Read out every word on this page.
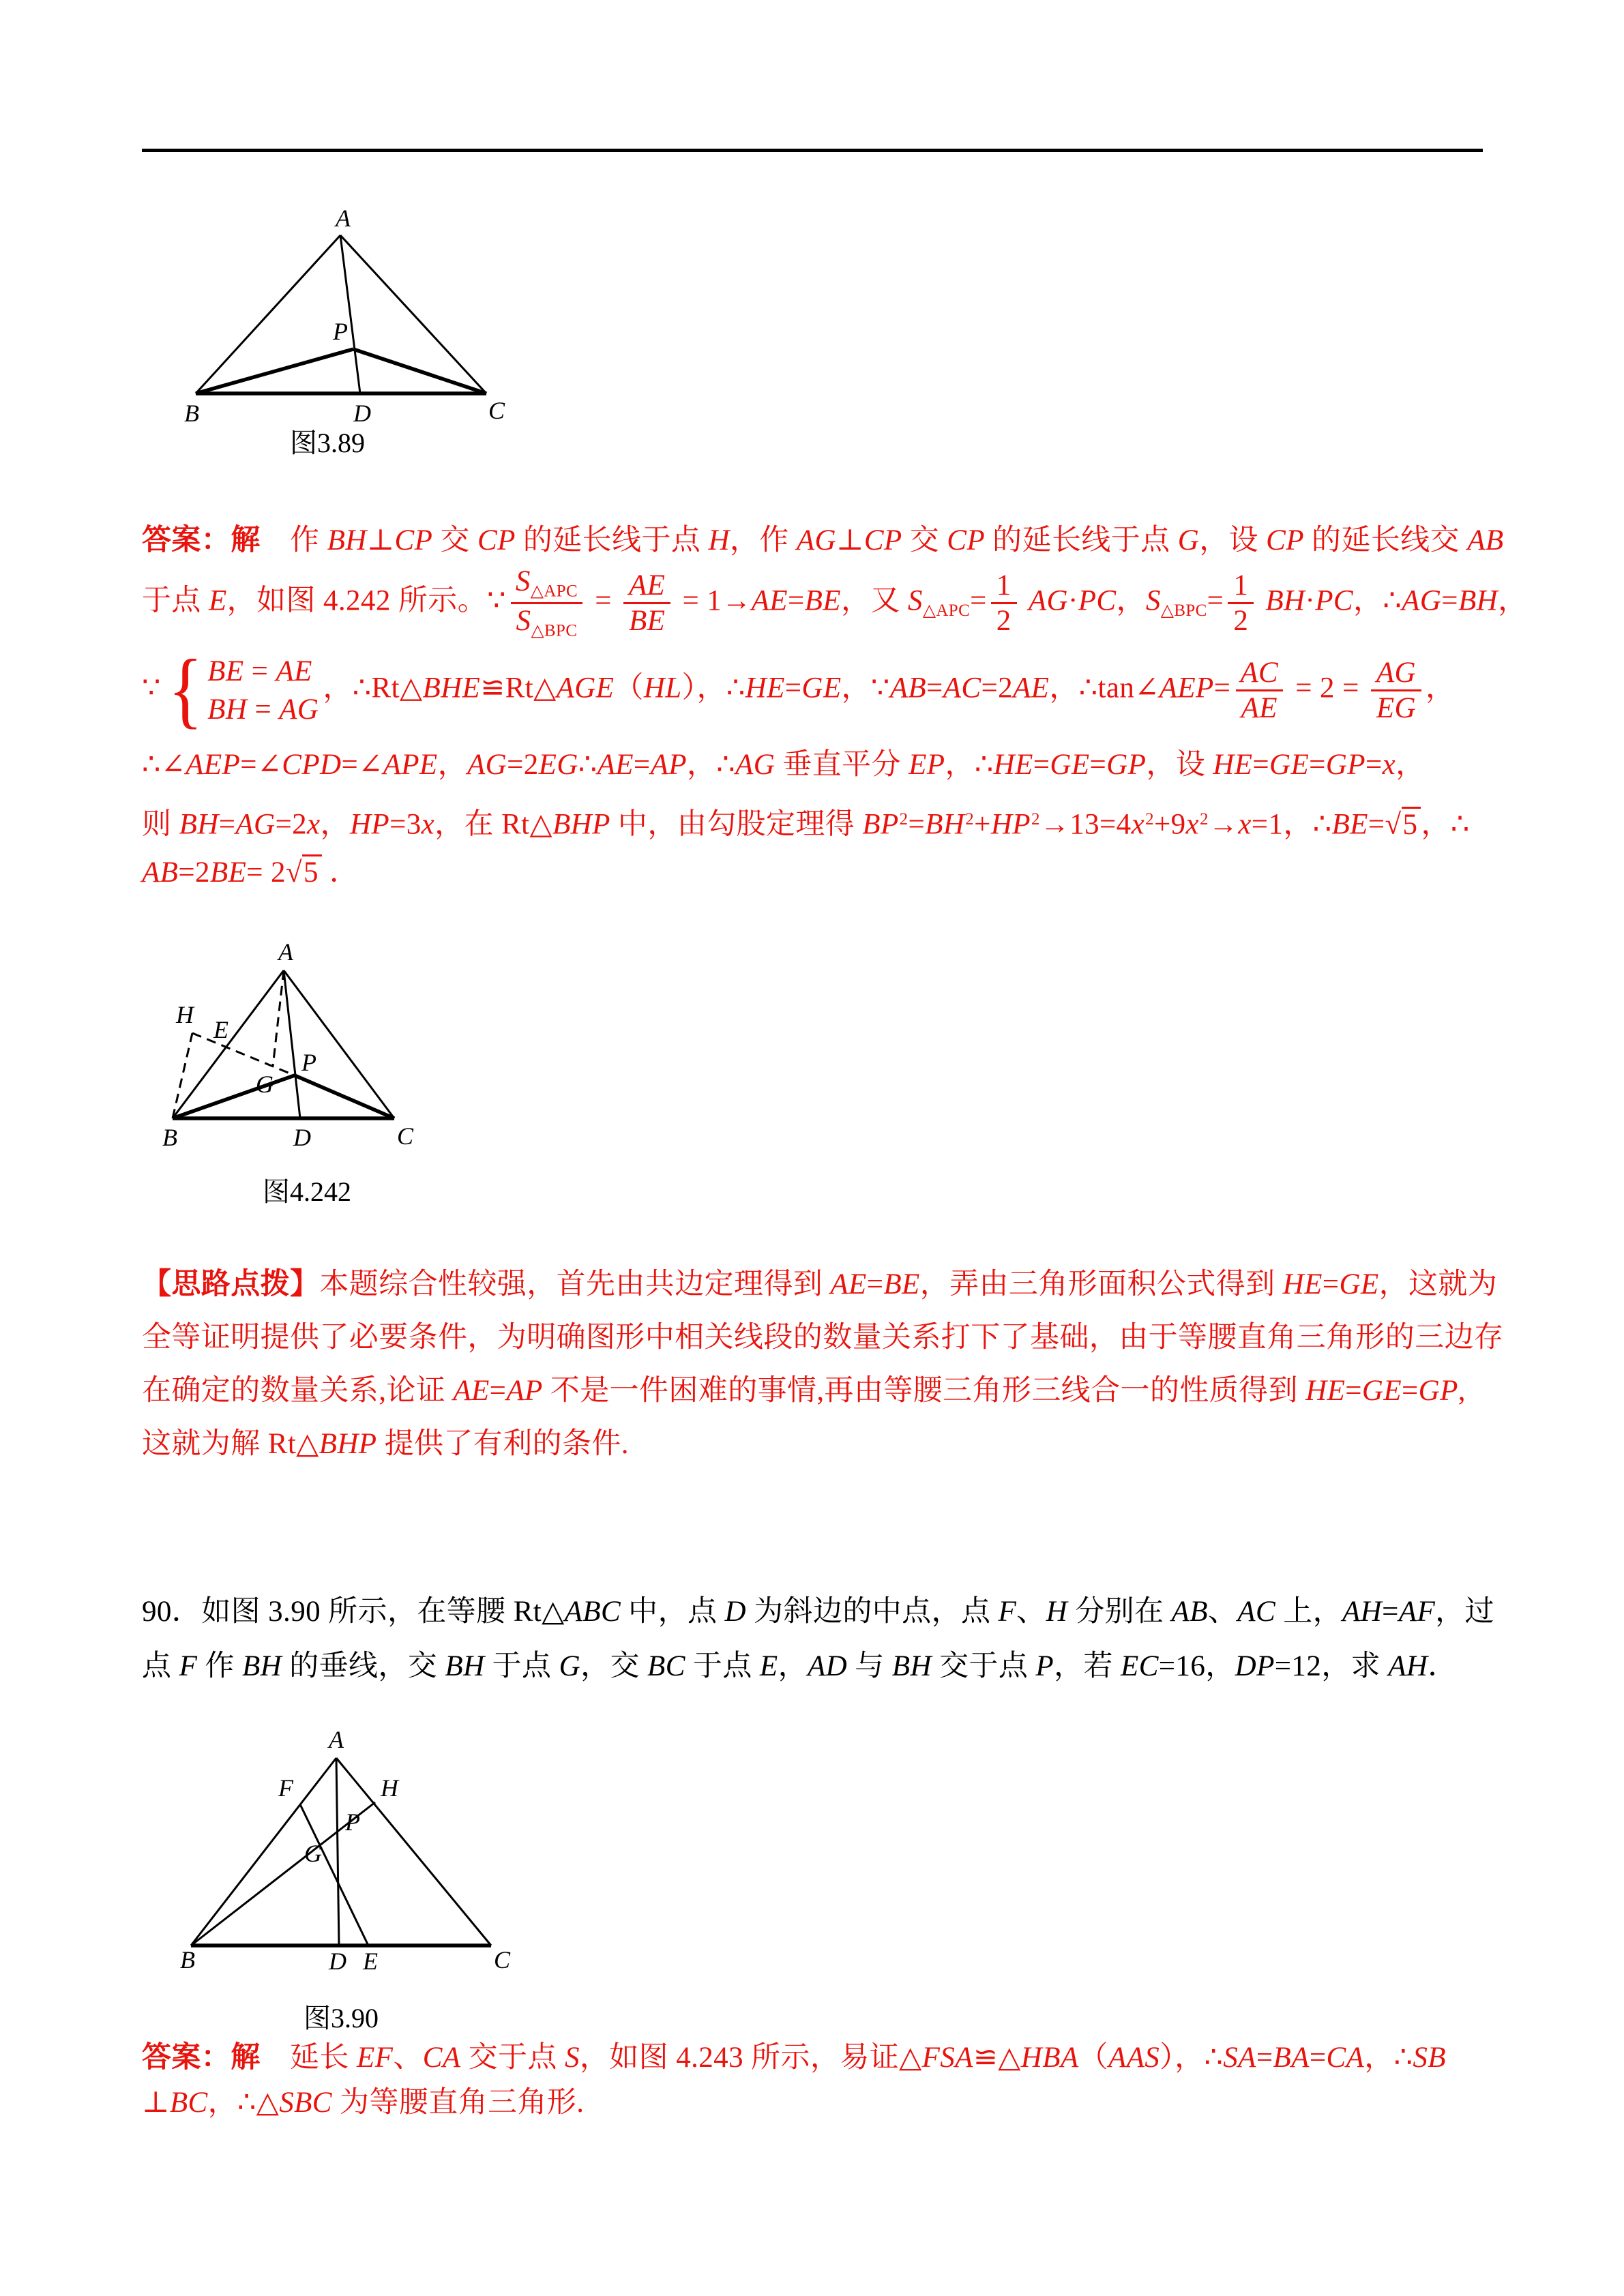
A
B	C
D
P
图3.89
答案：解　作 BH⊥CP 交 CP 的延长线于点 H，作 AG⊥CP 交 CP 的延长线于点 G，设 CP 的延长线交 AB
于点 E，如图 4.242 所示。∵ $\frac{S_{\triangle APC}}{S_{\triangle BPC}} = \frac{AE}{BE} = 1\to AE=BE$，又 $S_{\triangle APC}= \frac{1}{2} AG\cdot PC$，$S_{\triangle BPC}= \frac{1}{2} BH\cdot PC$，∴AG=BH，
∵ { BE = AE
BH = AG
，∴Rt△BHE≌Rt△AGE（HL），∴HE=GE，∵AB=AC=2AE，∴tan∠AEP= $\frac{AC}{AE} = 2 = \frac{AG}{EG}$ ，
∴∠AEP=∠CPD=∠APE，AG=2EG∴AE=AP，∴AG 垂直平分 EP，∴HE=GE=GP，设 HE=GE=GP=x，
则 BH=AG=2x，HP=3x，在 Rt△BHP 中，由勾股定理得 $BP^2=BH^2+HP^2\to 13=4x^2+9x^2\to x=1$，∴BE=√5 ，∴
AB=2BE= 2√5 ．
A
H
E
P
G
B	D	C
图4.242
【思路点拨】本题综合性较强，首先由共边定理得到 AE=BE，弄由三角形面积公式得到 HE=GE，这就为
全等证明提供了必要条件，为明确图形中相关线段的数量关系打下了基础，由于等腰直角三角形的三边存
在确定的数量关系,论证 AE=AP 不是一件困难的事情,再由等腰三角形三线合一的性质得到 HE=GE=GP,
这就为解 Rt△BHP 提供了有利的条件.
90．如图 3.90 所示，在等腰 Rt△ABC 中，点 D 为斜边的中点，点 F、H 分别在 AB、AC 上，AH=AF，过
点 F 作 BH 的垂线，交 BH 于点 G，交 BC 于点 E，AD 与 BH 交于点 P，若 EC=16，DP=12，求 AH．
A
F	H
P
G
B	D E	C
图3.90
答案：解　延长 EF、CA 交于点 S，如图 4.243 所示，易证△FSA≌△HBA（AAS），∴SA=BA=CA，∴SB
⊥BC，∴△SBC 为等腰直角三角形.
